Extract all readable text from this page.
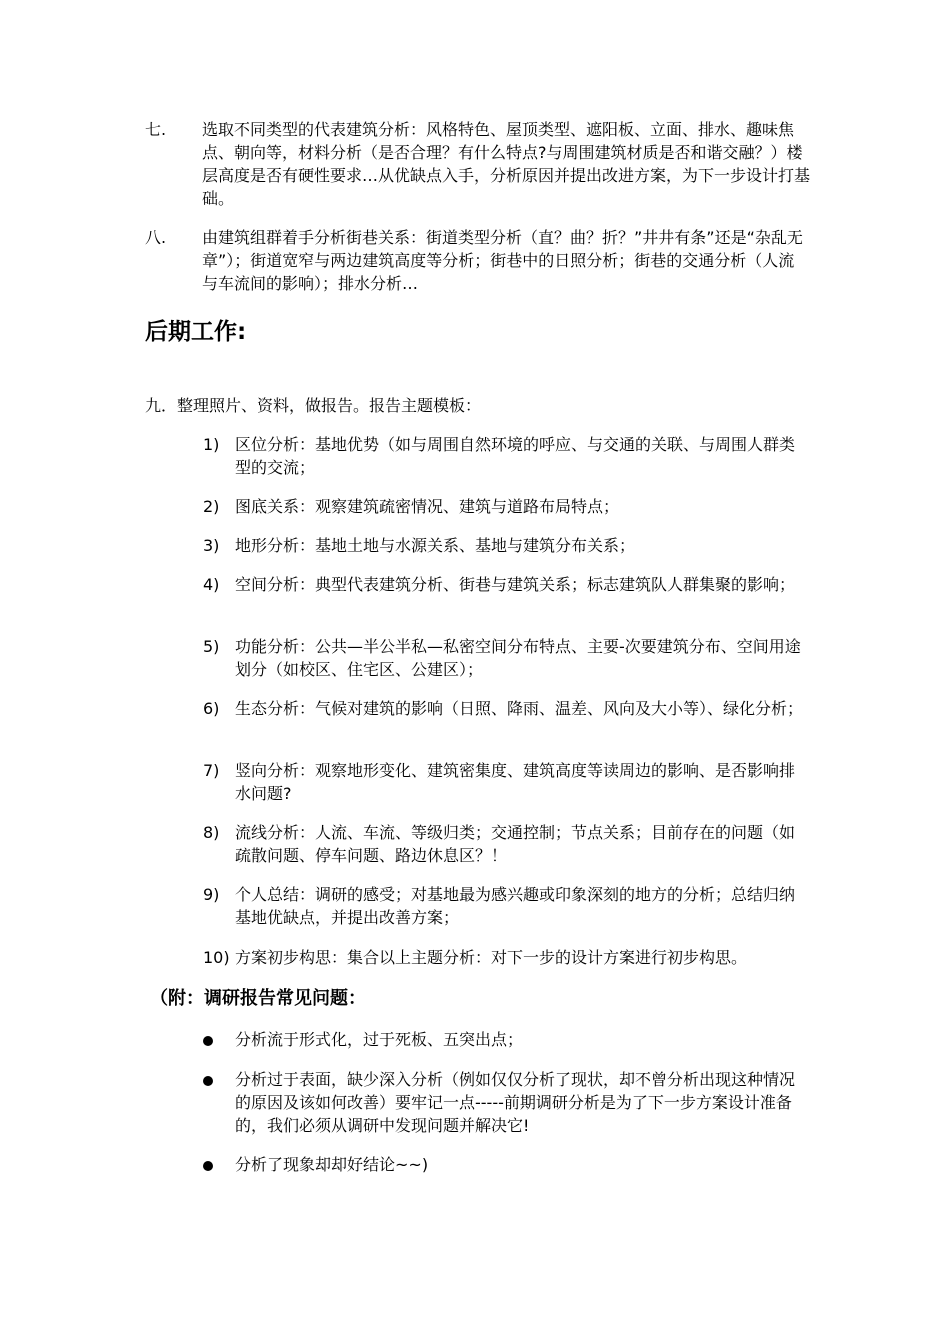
七. 选取不同类型的代表建筑分析：风格特色、屋顶类型、遮阳板、立面、排水、趣味焦点、朝向等，材料分析（是否合理？有什么特点?与周围建筑材质是否和谐交融？）楼层高度是否有硬性要求…从优缺点入手，分析原因并提出改进方案，为下一步设计打基础。
八. 由建筑组群着手分析街巷关系：街道类型分析（直？曲？折？”井井有条”还是“杂乱无章”）；街道宽窄与两边建筑高度等分析；街巷中的日照分析；街巷的交通分析（人流与车流间的影响）；排水分析…
后期工作:
九．整理照片、资料，做报告。报告主题模板：
1) 区位分析：基地优势（如与周围自然环境的呼应、与交通的关联、与周围人群类型的交流；
2) 图底关系：观察建筑疏密情况、建筑与道路布局特点；
3) 地形分析：基地土地与水源关系、基地与建筑分布关系；
4) 空间分析：典型代表建筑分析、街巷与建筑关系；标志建筑队人群集聚的影响；
5) 功能分析：公共—半公半私—私密空间分布特点、主要-次要建筑分布、空间用途划分（如校区、住宅区、公建区）；
6) 生态分析：气候对建筑的影响（日照、降雨、温差、风向及大小等）、绿化分析；
7) 竖向分析：观察地形变化、建筑密集度、建筑高度等读周边的影响、是否影响排水问题?
8) 流线分析：人流、车流、等级归类；交通控制；节点关系；目前存在的问题（如疏散问题、停车问题、路边休息区？！
9) 个人总结：调研的感受；对基地最为感兴趣或印象深刻的地方的分析；总结归纳基地优缺点，并提出改善方案；
10) 方案初步构思：集合以上主题分析：对下一步的设计方案进行初步构思。
（附：调研报告常见问题：
分析流于形式化，过于死板、五突出点；
分析过于表面，缺少深入分析（例如仅仅分析了现状，却不曾分析出现这种情况的原因及该如何改善）要牢记一点-----前期调研分析是为了下一步方案设计准备的，我们必须从调研中发现问题并解决它!
分析了现象却却好结论~~)
